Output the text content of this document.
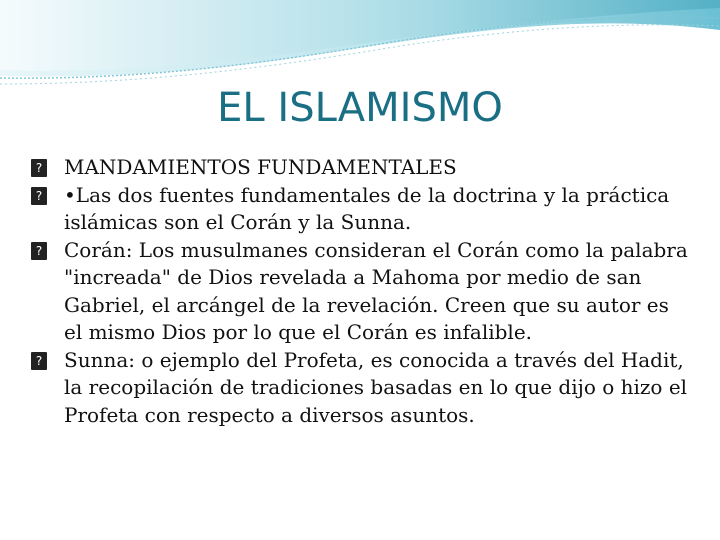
EL ISLAMISMO

? MANDAMIENTOS FUNDAMENTALES

? •Las dos fuentes fundamentales de la doctrina y la práctica islámicas son el Corán y la Sunna.

? Corán: Los musulmanes consideran el Corán como la palabra "increada" de Dios revelada a Mahoma por medio de san Gabriel, el arcángel de la revelación. Creen que su autor es el mismo Dios por lo que el Corán es infalible.

? Sunna: o ejemplo del Profeta, es conocida a través del Hadit, la recopilación de tradiciones basadas en lo que dijo o hizo el Profeta con respecto a diversos asuntos.
